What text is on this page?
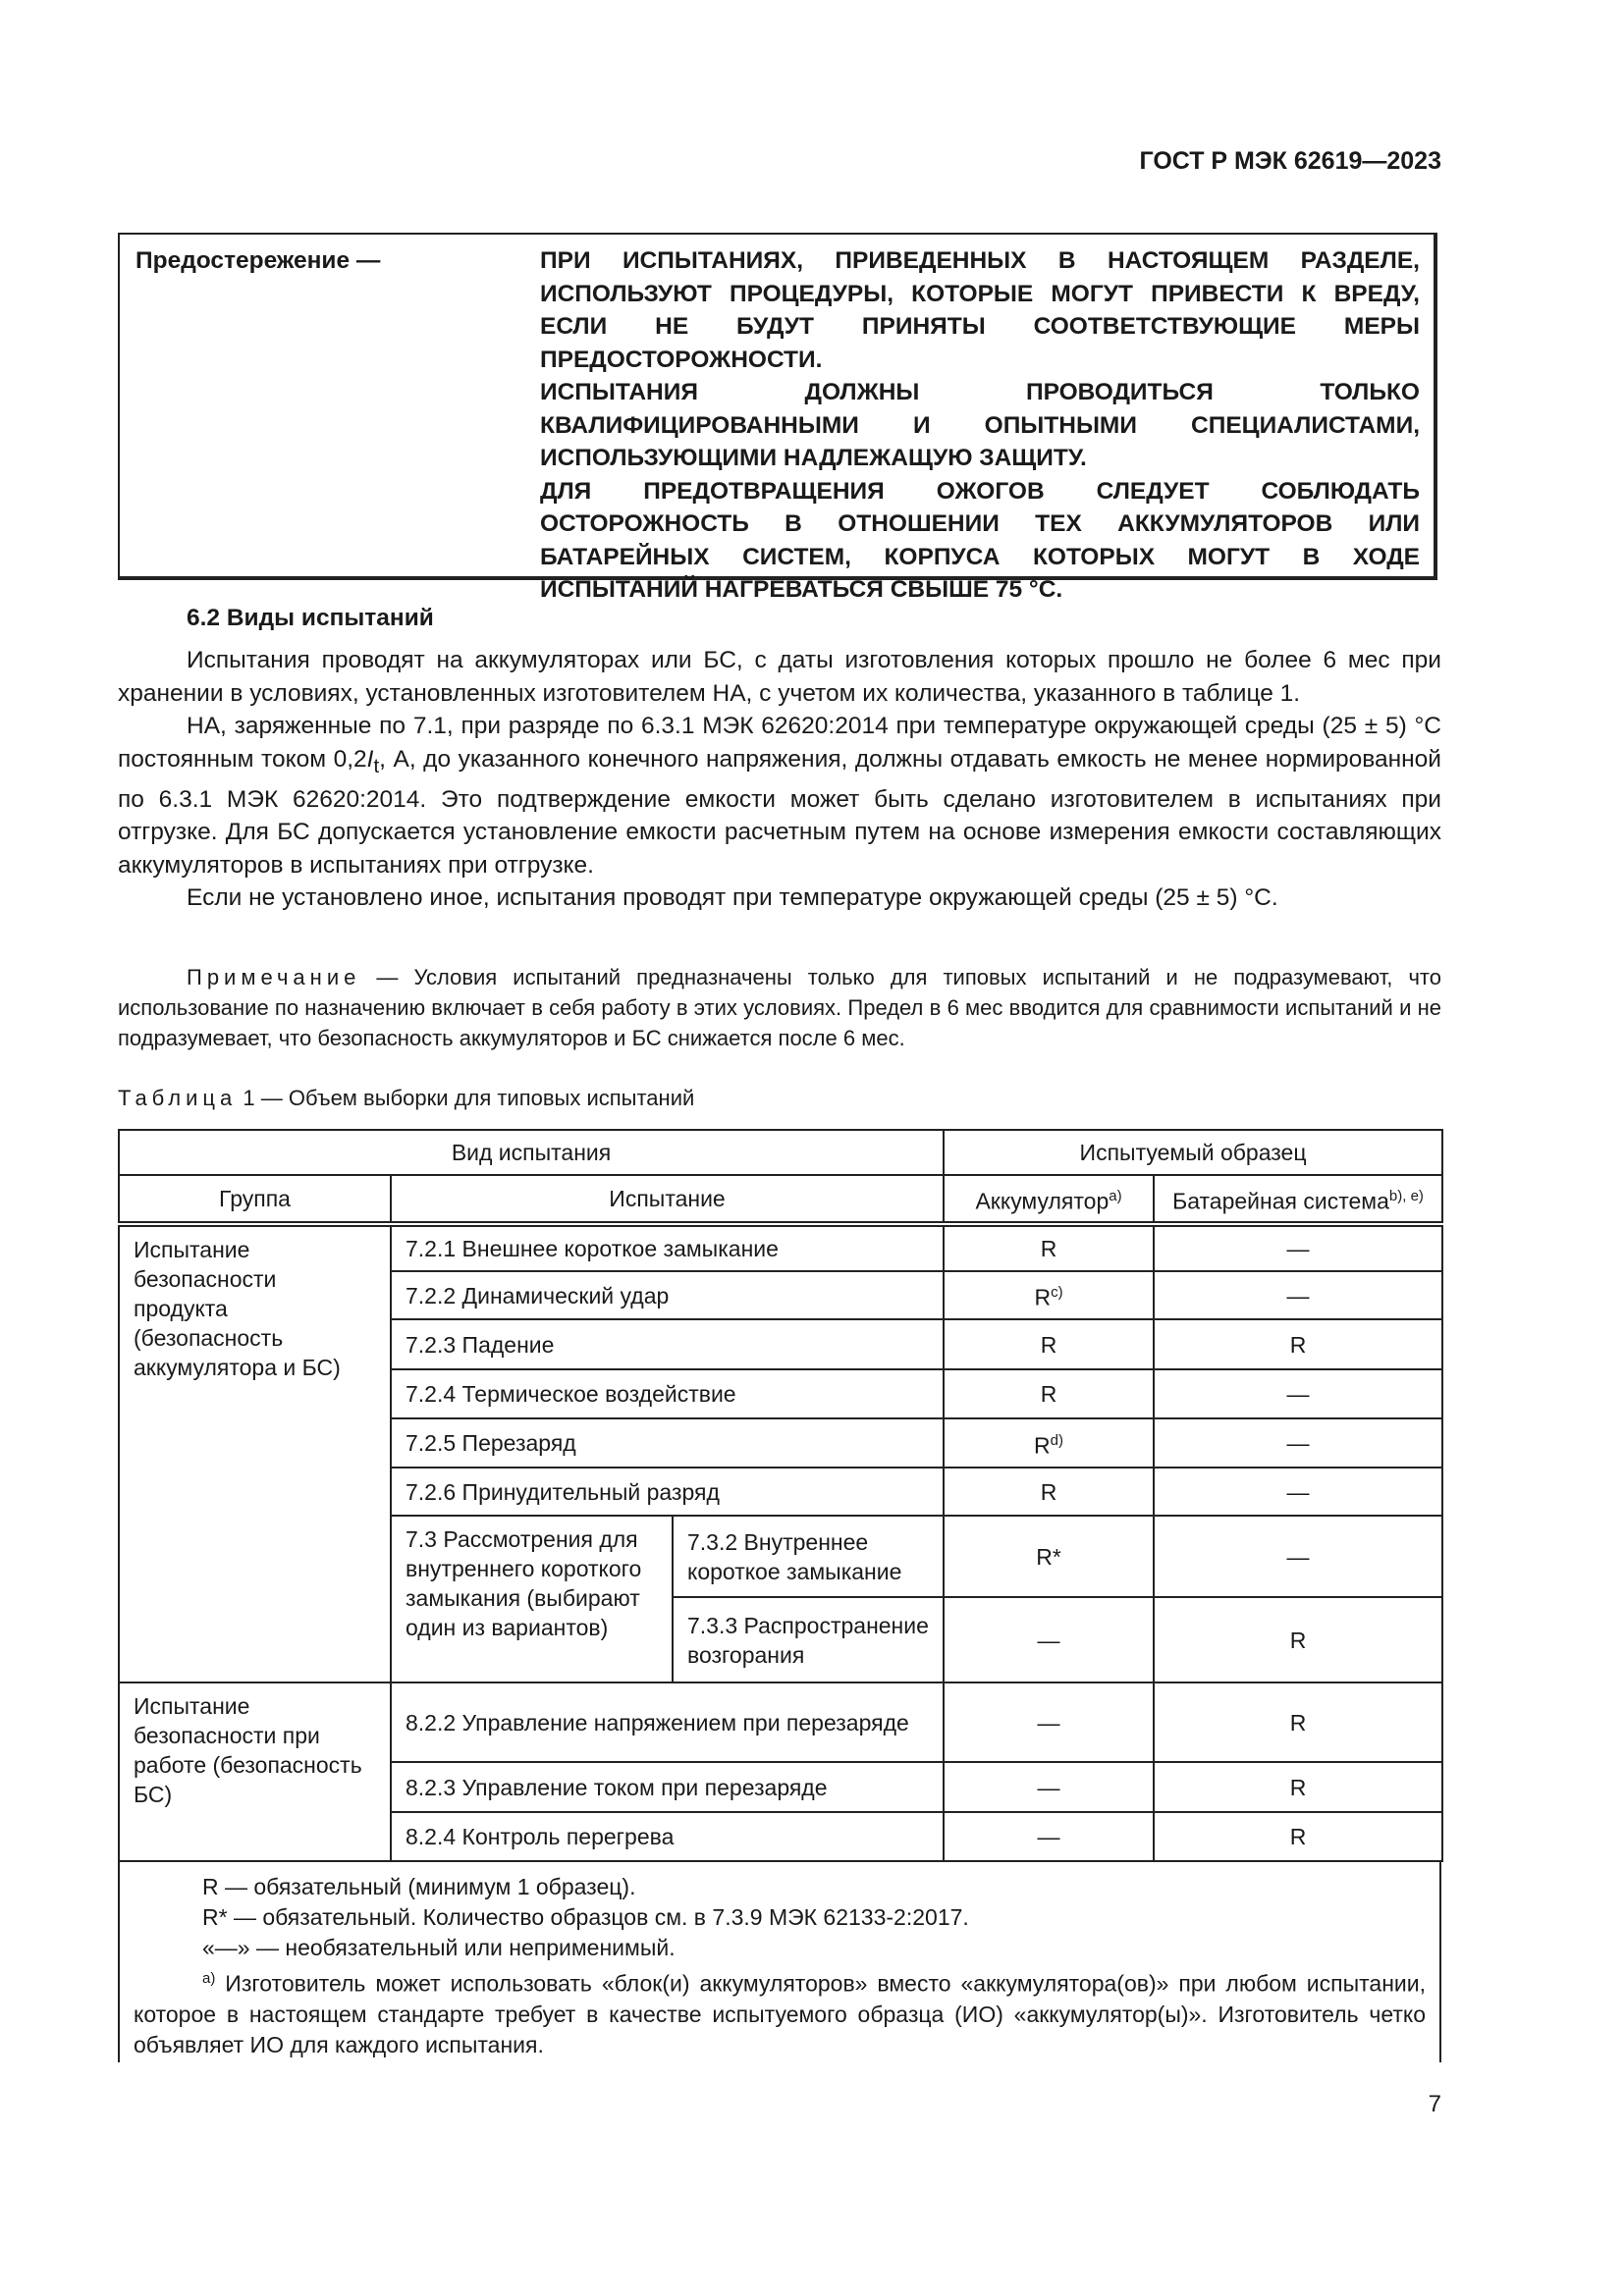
ГОСТ Р МЭК 62619—2023
Предостережение —	ПРИ ИСПЫТАНИЯХ, ПРИВЕДЕННЫХ В НАСТОЯЩЕМ РАЗДЕЛЕ, ИСПОЛЬЗУЮТ ПРОЦЕДУРЫ, КОТОРЫЕ МОГУТ ПРИВЕСТИ К ВРЕДУ, ЕСЛИ НЕ БУДУТ ПРИНЯТЫ СООТВЕТСТВУЮЩИЕ МЕРЫ ПРЕДОСТОРОЖНОСТИ.

ИСПЫТАНИЯ ДОЛЖНЫ ПРОВОДИТЬСЯ ТОЛЬКО КВАЛИФИЦИРОВАННЫМИ И ОПЫТНЫМИ СПЕЦИАЛИСТАМИ, ИСПОЛЬЗУЮЩИМИ НАДЛЕЖАЩУЮ ЗАЩИТУ.

ДЛЯ ПРЕДОТВРАЩЕНИЯ ОЖОГОВ СЛЕДУЕТ СОБЛЮДАТЬ ОСТОРОЖНОСТЬ В ОТНОШЕНИИ ТЕХ АККУМУЛЯТОРОВ ИЛИ БАТАРЕЙНЫХ СИСТЕМ, КОРПУСА КОТОРЫХ МОГУТ В ХОДЕ ИСПЫТАНИЙ НАГРЕВАТЬСЯ СВЫШЕ 75 °С.

6.2 Виды испытаний

Испытания проводят на аккумуляторах или БС, с даты изготовления которых прошло не более 6 мес при хранении в условиях, установленных изготовителем НА, с учетом их количества, указанного в таблице 1.

НА, заряженные по 7.1, при разряде по 6.3.1 МЭК 62620:2014 при температуре окружающей среды (25 ± 5) °С постоянным током $0,2I_t$, А, до указанного конечного напряжения, должны отдавать емкость не менее нормированной по 6.3.1 МЭК 62620:2014. Это подтверждение емкости может быть сделано изготовителем в испытаниях при отгрузке. Для БС допускается установление емкости расчетным путем на основе измерения емкости составляющих аккумуляторов в испытаниях при отгрузке.

Если не установлено иное, испытания проводят при температуре окружающей среды (25 ± 5) °С.

Примечание — Условия испытаний предназначены только для типовых испытаний и не подразумевают, что использование по назначению включает в себя работу в этих условиях. Предел в 6 мес вводится для сравнимости испытаний и не подразумевает, что безопасность аккумуляторов и БС снижается после 6 мес.

Таблица 1 — Объем выборки для типовых испытаний
Вид испытания			Испытуемый образец	
Группа	Испытание		Аккумулятор$^{a)}$	Батарейная система$^{b), e)}$
Испытание безопасности продукта (безопасность аккумулятора и БС)	7.2.1 Внешнее короткое замыкание		R	—
	7.2.2 Динамический удар		$R^{c)}$	—
	7.2.3 Падение		R	R
	7.2.4 Термическое воздействие		R	—
	7.2.5 Перезаряд		$R^{d)}$	—
	7.2.6 Принудительный разряд		R	—
	7.3 Рассмотрения для внутреннего короткого замыкания (выбирают один из вариантов)	7.3.2 Внутреннее короткое замыкание	R*	—
		7.3.3 Распространение возгорания	—	R
Испытание безопасности при работе (безопасность БС)	8.2.2 Управление напряжением при перезаряде		—	R
	8.2.3 Управление током при перезаряде		—	R
	8.2.4 Контроль перегрева		—	R

R — обязательный (минимум 1 образец).

R* — обязательный. Количество образцов см. в 7.3.9 МЭК 62133-2:2017.

«—» — необязательный или неприменимый.

$^{a)}$ Изготовитель может использовать «блок(и) аккумуляторов» вместо «аккумулятора(ов)» при любом испытании, которое в настоящем стандарте требует в качестве испытуемого образца (ИО) «аккумулятор(ы)». Изготовитель четко объявляет ИО для каждого испытания.

7
